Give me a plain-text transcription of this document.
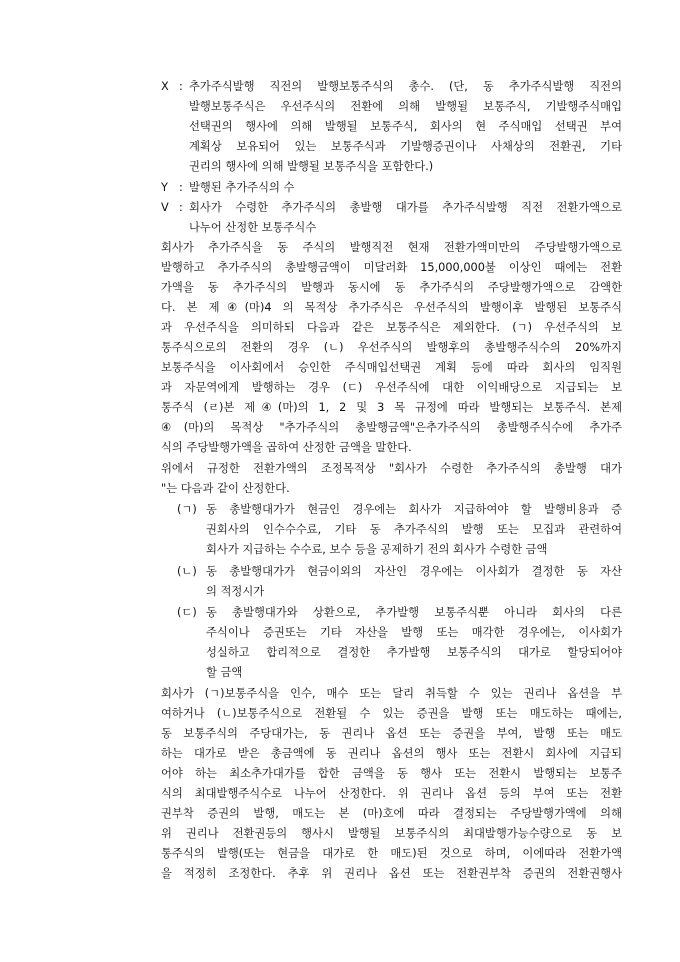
X : 추가주식발행 직전의 발행보통주식의 총수. (단, 동 추가주식발행 직전의
발행보통주식은 우선주식의 전환에 의해 발행될 보통주식, 기발행주식매입
선택권의 행사에 의해 발행될 보통주식, 회사의 현 주식매입 선택권 부여
계획상 보유되어 있는 보통주식과 기발행증권이나 사채상의 전환권, 기타
권리의 행사에 의해 발행될 보통주식을 포함한다.)
Y : 발행된 추가주식의 수
V : 회사가 수령한 추가주식의 총발행 대가를 추가주식발행 직전 전환가액으로
나누어 산정한 보통주식수
회사가 추가주식을 동 주식의 발행직전 현재 전환가액미만의 주당발행가액으로
발행하고 추가주식의 총발행금액이 미달러화 15,000,000불 이상인 때에는 전환
가액을 동 추가주식의 발행과 동시에 동 추가주식의 주당발행가액으로 감액한
다. 본 제④(마)4 의 목적상 추가주식은 우선주식의 발행이후 발행된 보통주식
과 우선주식을 의미하되 다음과 같은 보통주식은 제외한다. (ㄱ) 우선주식의 보
통주식으로의 전환의 경우 (ㄴ) 우선주식의 발행후의 총발행주식수의 20%까지
보통주식을 이사회에서 승인한 주식매입선택권 계획 등에 따라 회사의 임직원
과 자문역에게 발행하는 경우 (ㄷ) 우선주식에 대한 이익배당으로 지급되는 보
통주식 (ㄹ)본 제④(마)의 1, 2 및 3 목 규정에 따라 발행되는 보통주식. 본제
④(마)의 목적상 "추가주식의 총발행금액"은추가주식의 총발행주식수에 추가주
식의 주당발행가액을 곱하여 산정한 금액을 말한다.
위에서 규정한 전환가액의 조정목적상 "회사가 수령한 추가주식의 총발행 대가
"는 다음과 같이 산정한다.
(ㄱ) 동 총발행대가가 현금인 경우에는 회사가 지급하여야 할 발행비용과 증
권회사의 인수수수료, 기타 동 추가주식의 발행 또는 모집과 관련하여
회사가 지급하는 수수료, 보수 등을 공제하기 전의 회사가 수령한 금액
(ㄴ) 동 총발행대가가 현금이외의 자산인 경우에는 이사회가 결정한 동 자산
의 적정시가
(ㄷ) 동 총발행대가와 상환으로, 추가발행 보통주식뿐 아니라 회사의 다른
주식이나 증권또는 기타 자산을 발행 또는 매각한 경우에는, 이사회가
성실하고 합리적으로 결정한 추가발행 보통주식의 대가로 할당되어야
할 금액
회사가 (ㄱ)보통주식을 인수, 매수 또는 달리 취득할 수 있는 권리나 옵션을 부
여하거나 (ㄴ)보통주식으로 전환될 수 있는 증권을 발행 또는 매도하는 때에는,
동 보통주식의 주당대가는, 동 권리나 옵션 또는 증권을 부여, 발행 또는 매도
하는 대가로 받은 총금액에 동 권리나 옵션의 행사 또는 전환시 회사에 지급되
어야 하는 최소추가대가를 합한 금액을 동 행사 또는 전환시 발행되는 보통주
식의 최대발행주식수로 나누어 산정한다. 위 권리나 옵션 등의 부여 또는 전환
권부착 증권의 발행, 매도는 본 (마)호에 따라 결정되는 주당발행가액에 의해
위 권리나 전환권등의 행사시 발행될 보통주식의 최대발행가능수량으로 동 보
통주식의 발행(또는 현금을 대가로 한 매도)된 것으로 하며, 이에따라 전환가액
을 적정히 조정한다. 추후 위 권리나 옵션 또는 전환권부착 증권의 전환권행사
